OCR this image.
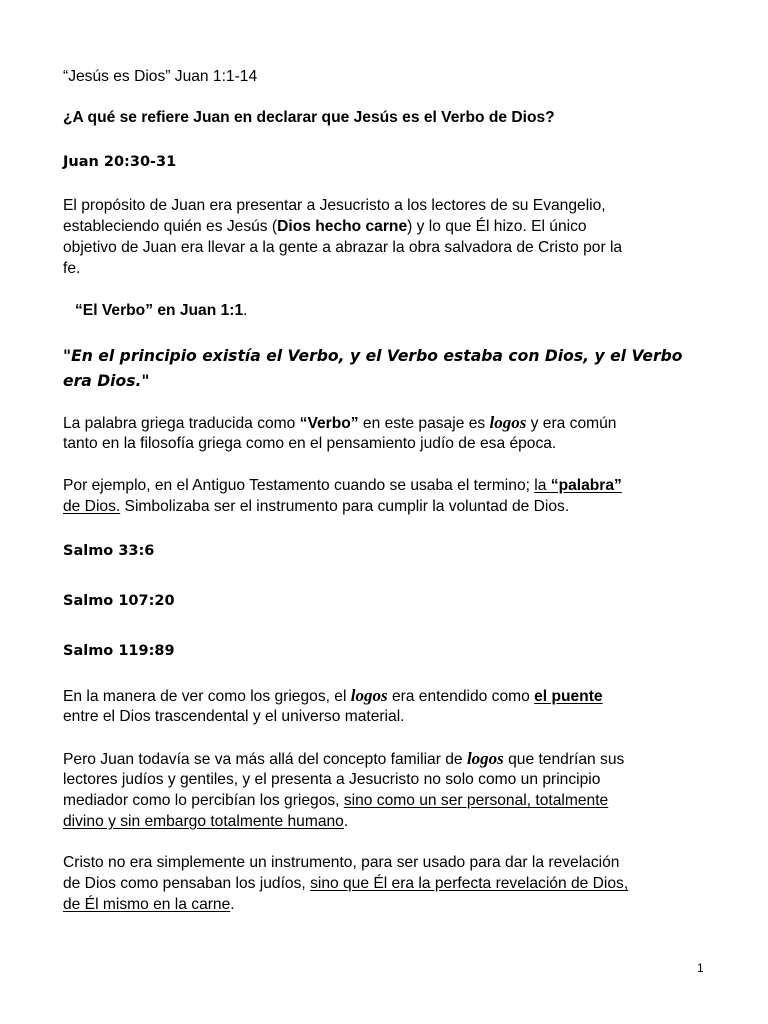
“Jesús es Dios” Juan 1:1-14

¿A qué se refiere Juan en declarar que Jesús es el Verbo de Dios?

Juan 20:30-31

El propósito de Juan era presentar a Jesucristo a los lectores de su Evangelio,

estableciendo quién es Jesús (Dios hecho carne) y lo que Él hizo. El único

objetivo de Juan era llevar a la gente a abrazar la obra salvadora de Cristo por la

fe.

“El Verbo” en Juan 1:1.

"En el principio existía el Verbo, y el Verbo estaba con Dios, y el Verbo

era Dios."

La palabra griega traducida como “Verbo” en este pasaje es logos y era común

tanto en la filosofía griega como en el pensamiento judío de esa época.

Por ejemplo, en el Antiguo Testamento cuando se usaba el termino; la “palabra”

de Dios. Simbolizaba ser el instrumento para cumplir la voluntad de Dios.

Salmo 33:6

Salmo 107:20

Salmo 119:89

En la manera de ver como los griegos, el logos era entendido como el puente

entre el Dios trascendental y el universo material.

Pero Juan todavía se va más allá del concepto familiar de logos que tendrían sus

lectores judíos y gentiles, y el presenta a Jesucristo no solo como un principio

mediador como lo percibían los griegos, sino como un ser personal, totalmente

divino y sin embargo totalmente humano.

Cristo no era simplemente un instrumento, para ser usado para dar la revelación

de Dios como pensaban los judíos, sino que Él era la perfecta revelación de Dios,

de Él mismo en la carne.

1
